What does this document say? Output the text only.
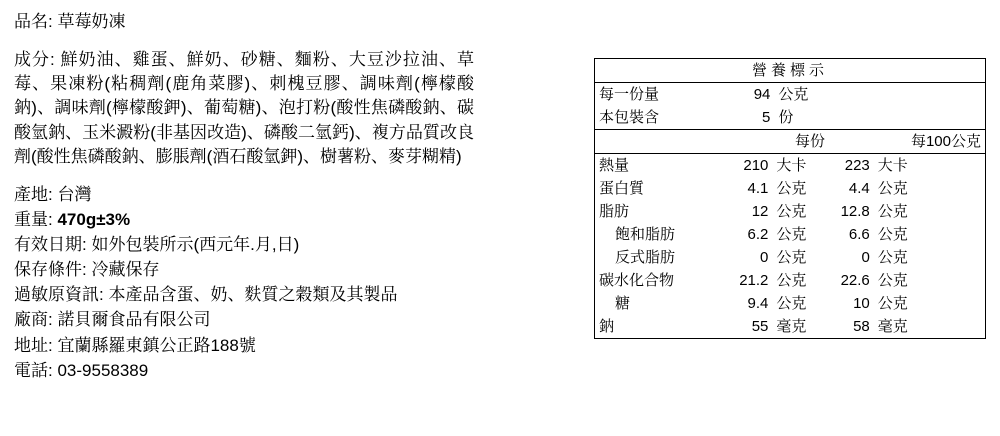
品名: 草莓奶凍
成分: 鮮奶油、雞蛋、鮮奶、砂糖、麵粉、大豆沙拉油、草莓、果凍粉(粘稠劑(鹿角菜膠)、刺槐豆膠、調味劑(檸檬酸鈉)、調味劑(檸檬酸鉀)、葡萄糖)、泡打粉(酸性焦磷酸鈉、碳酸氫鈉、玉米澱粉(非基因改造)、磷酸二氫鈣)、複方品質改良劑(酸性焦磷酸鈉、膨脹劑(酒石酸氫鉀)、樹薯粉、麥芽糊精)

產地: 台灣

重量: 470g±3%

有效日期: 如外包裝所示(西元年.月,日)

保存條件: 冷藏保存

過敏原資訊: 本產品含蛋、奶、麩質之穀類及其製品

廠商: 諾貝爾食品有限公司

地址: 宜蘭縣羅東鎮公正路188號

電話: 03-9558389

營養標示				
每一份量	94	公克		
本包裝含	5	份		
	每份		每100公克	
熱量	210	大卡	223	大卡
蛋白質	4.1	公克	4.4	公克
脂肪	12	公克	12.8	公克
飽和脂肪	6.2	公克	6.6	公克
反式脂肪	0	公克	0	公克
碳水化合物	21.2	公克	22.6	公克
糖	9.4	公克	10	公克
鈉	55	毫克	58	毫克
